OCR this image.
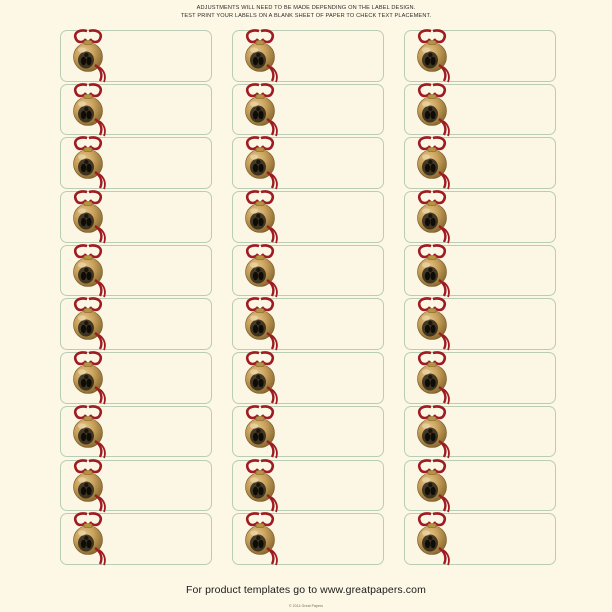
ADJUSTMENTS WILL NEED TO BE MADE DEPENDING ON THE LABEL DESIGN.
TEST PRINT YOUR LABELS ON A BLANK SHEET OF PAPER TO CHECK TEXT PLACEMENT.
For product templates go to www.greatpapers.com
© 2014 Great Papers
